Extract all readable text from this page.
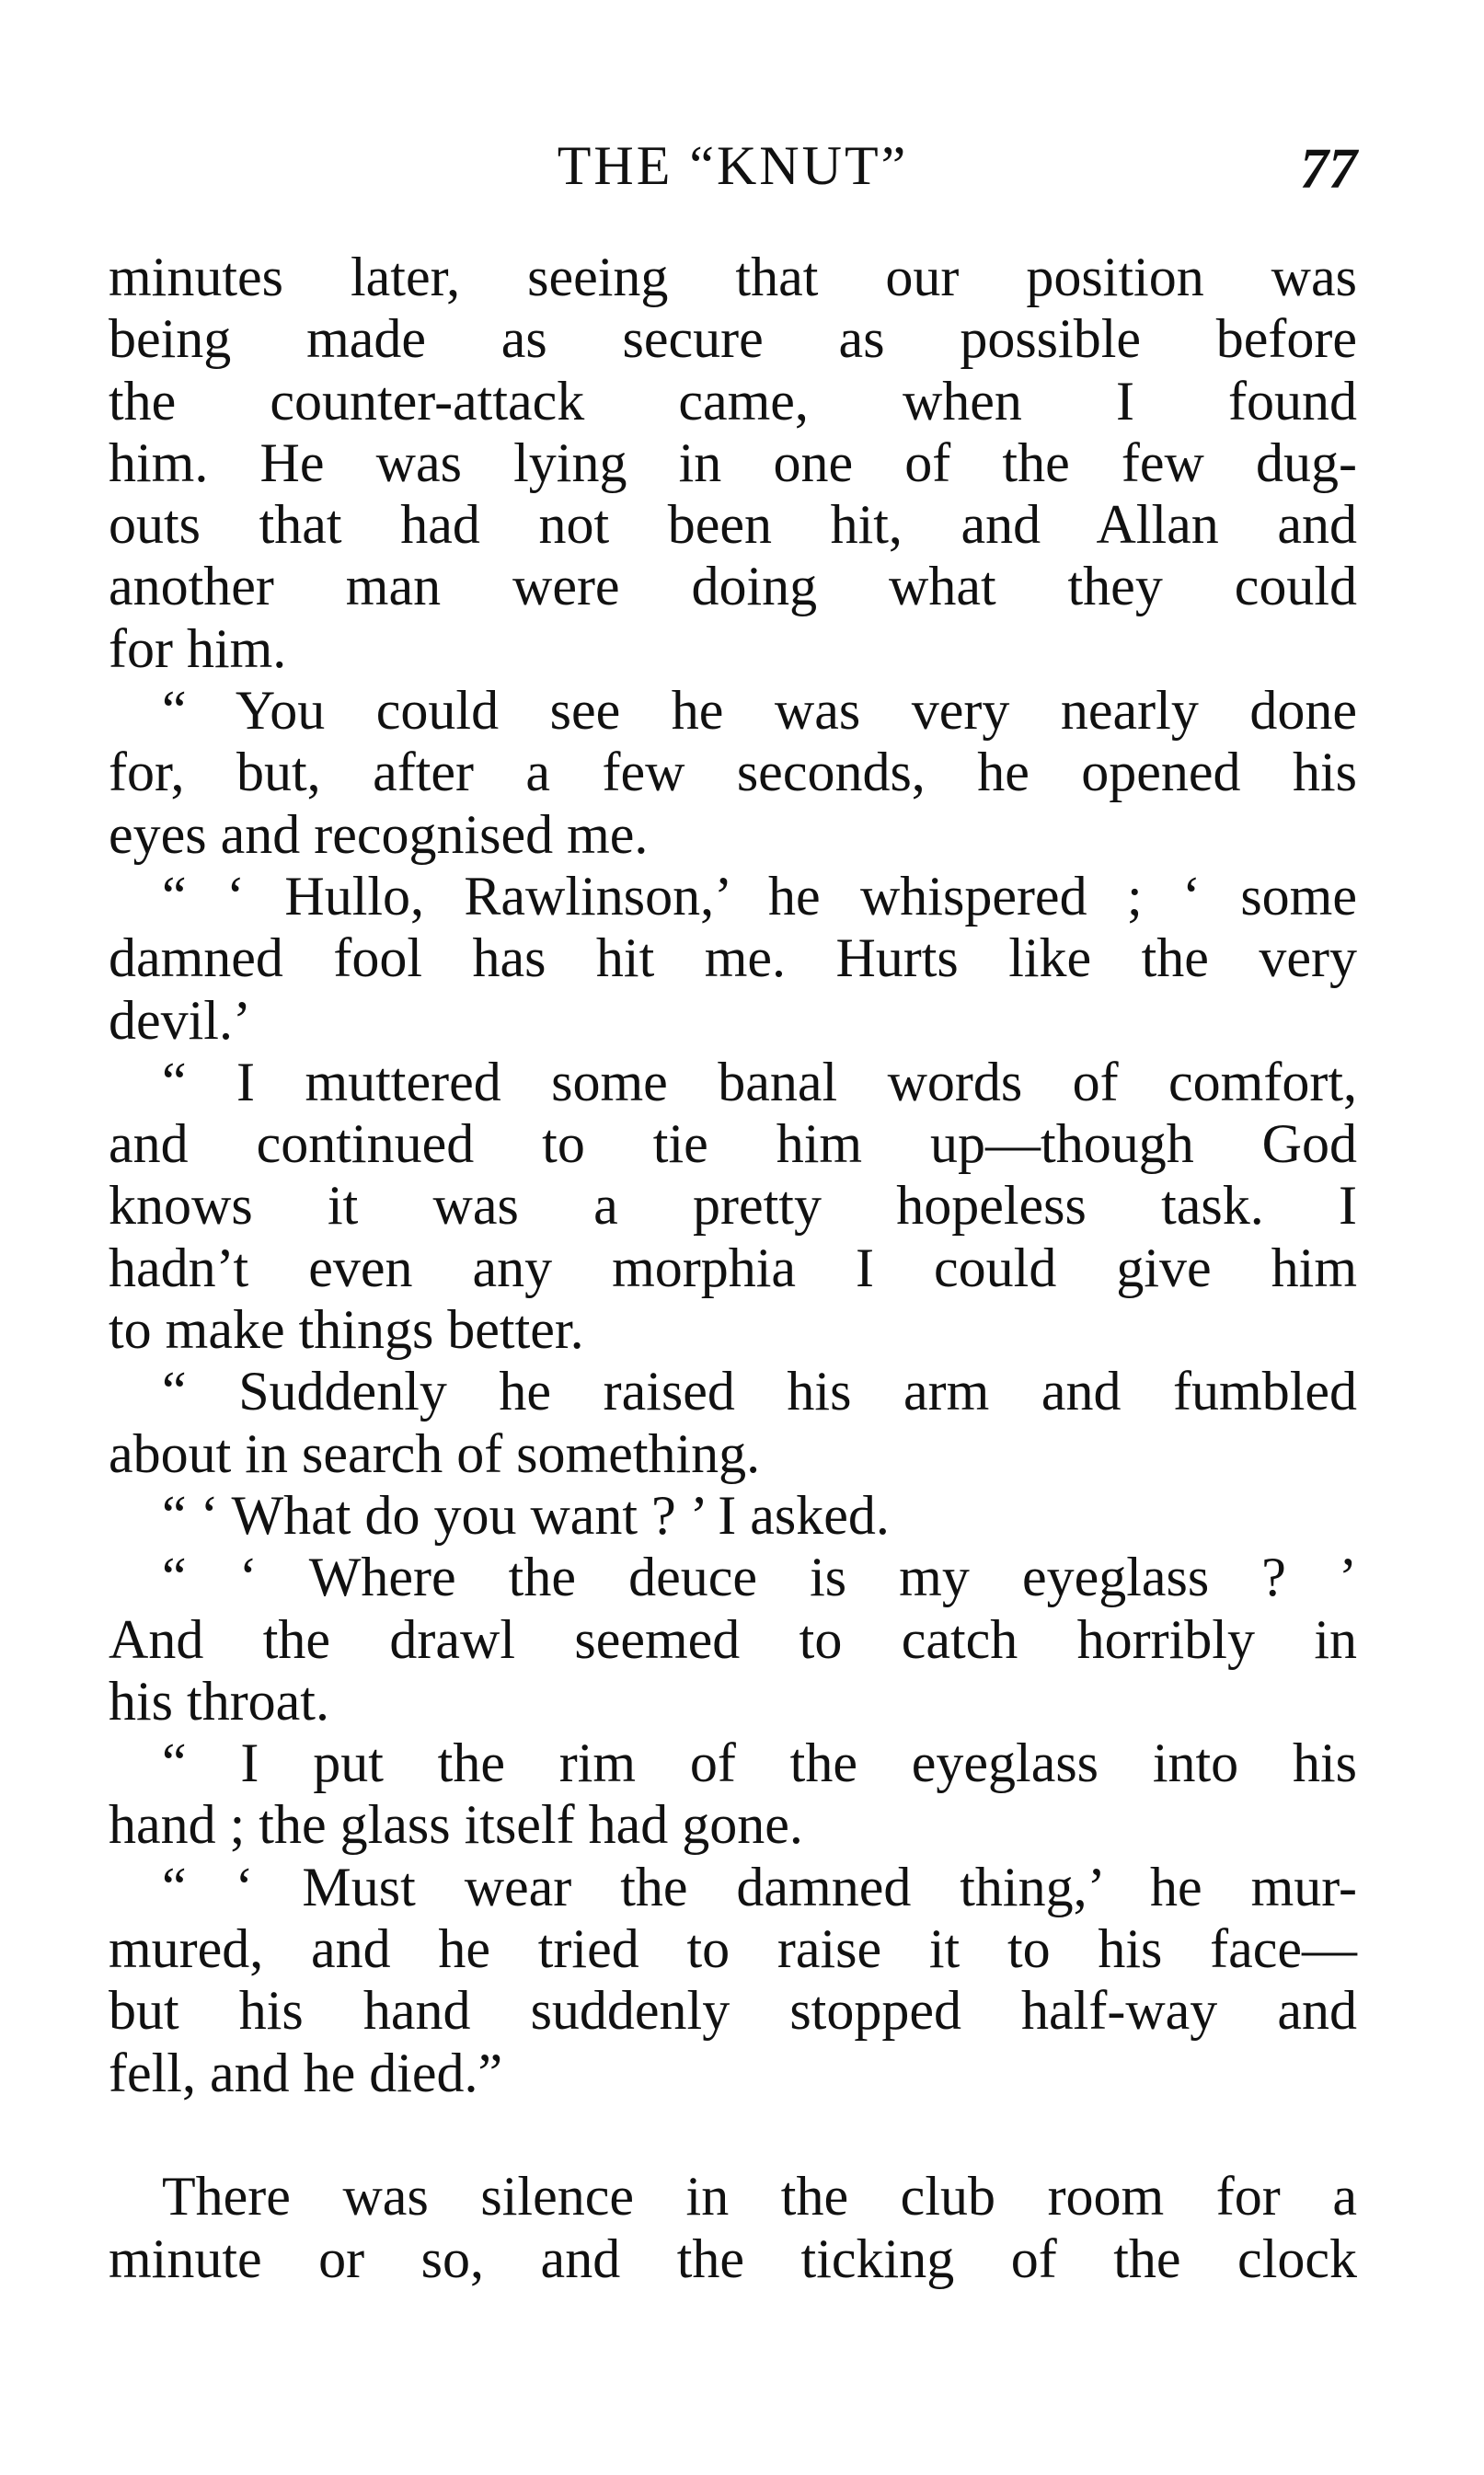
THE “KNUT”	77
minutes later, seeing that our position was
being made as secure as possible before
the counter-attack came, when I found
him. He was lying in one of the few dug-
outs that had not been hit, and Allan and
another man were doing what they could
for him.
“ You could see he was very nearly done
for, but, after a few seconds, he opened his
eyes and recognised me.
“ ‘ Hullo, Rawlinson,’ he whispered ; ‘ some
damned fool has hit me. Hurts like the very
devil.’
“ I muttered some banal words of comfort,
and continued to tie him up—though God
knows it was a pretty hopeless task. I
hadn’t even any morphia I could give him
to make things better.
“ Suddenly he raised his arm and fumbled
about in search of something.
“ ‘ What do you want ? ’ I asked.
“ ‘ Where the deuce is my eyeglass ? ’
And the drawl seemed to catch horribly in
his throat.
“ I put the rim of the eyeglass into his
hand ; the glass itself had gone.
“ ‘ Must wear the damned thing,’ he mur-
mured, and he tried to raise it to his face—
but his hand suddenly stopped half-way and
fell, and he died.”
There was silence in the club room for a
minute or so, and the ticking of the clock
